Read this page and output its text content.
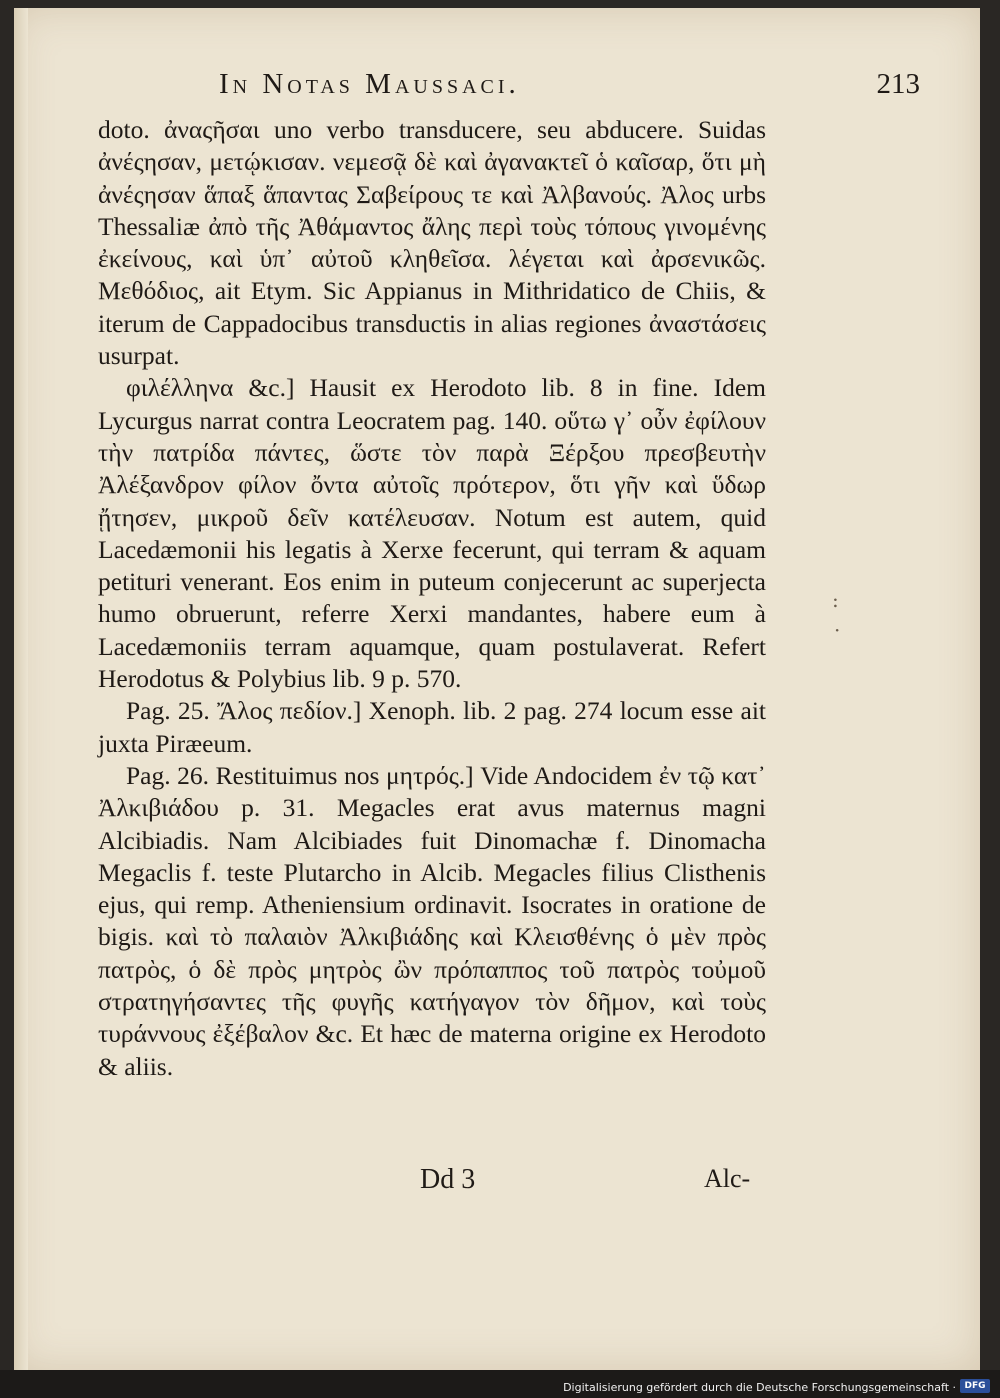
In Notas Maussaci.	213

doto. ἀναςῆσαι uno verbo transducere, seu abducere. Suidas ἀνέςησαν, μετῴκισαν. νεμεσᾷ δὲ καὶ ἀγανακτεῖ ὁ καῖσαρ, ὅτι μὴ ἀνέςησαν ἅπαξ ἅπαντας Σαβείρους τε καὶ Ἀλβανούς. Ἀλος urbs Thessaliæ ἀπὸ τῆς Ἀθάμαντος ἄλης περὶ τοὺς τόπους γινομένης ἐκείνους, καὶ ὑπ᾽ αὐτοῦ κληθεῖσα. λέγεται καὶ ἀρσενικῶς. Μεθόδιος, ait Etym. Sic Appianus in Mithridatico de Chiis, & iterum de Cappadocibus transductis in alias regiones ἀναστάσεις usurpat.

φιλέλληνα &c.] Hausit ex Herodoto lib. 8 in fine. Idem Lycurgus narrat contra Leocratem pag. 140. οὕτω γ᾽ οὖν ἐφίλουν τὴν πατρίδα πάντες, ὥστε τὸν παρὰ Ξέρξου πρεσβευτὴν Ἀλέξανδρον φίλον ὄντα αὐτοῖς πρότερον, ὅτι γῆν καὶ ὕδωρ ᾔτησεν, μικροῦ δεῖν κατέλευσαν. Notum est autem, quid Lacedæmonii his legatis à Xerxe fecerunt, qui terram & aquam petituri venerant. Eos enim in puteum conjecerunt ac superjecta humo obruerunt, referre Xerxi mandantes, habere eum à Lacedæmoniis terram aquamque, quam postulaverat. Refert Herodotus & Polybius lib. 9 p. 570.

Pag. 25. Ἄλος πεδίον.] Xenoph. lib. 2 pag. 274 locum esse ait juxta Piræeum.

Pag. 26. Restituimus nos μητρός.] Vide Andocidem ἐν τῷ κατ᾽ Ἀλκιβιάδου p. 31. Megacles erat avus maternus magni Alcibiadis. Nam Alcibiades fuit Dinomachæ f. Dinomacha Megaclis f. teste Plutarcho in Alcib. Megacles filius Clisthenis ejus, qui remp. Atheniensium ordinavit. Isocrates in oratione de bigis. καὶ τὸ παλαιὸν Ἀλκιβιάδης καὶ Κλεισθένης ὁ μὲν πρὸς πατρὸς, ὁ δὲ πρὸς μητρὸς ὢν πρόπαππος τοῦ πατρὸς τοὐμοῦ στρατηγήσαντες τῆς φυγῆς κατήγαγον τὸν δῆμον, καὶ τοὺς τυράννους ἐξέβαλον &c. Et hæc de materna origine ex Herodoto & aliis.

Dd 3	Alc-
:
·
Digitalisierung gefördert durch die Deutsche Forschungsgemeinschaft · DFG
